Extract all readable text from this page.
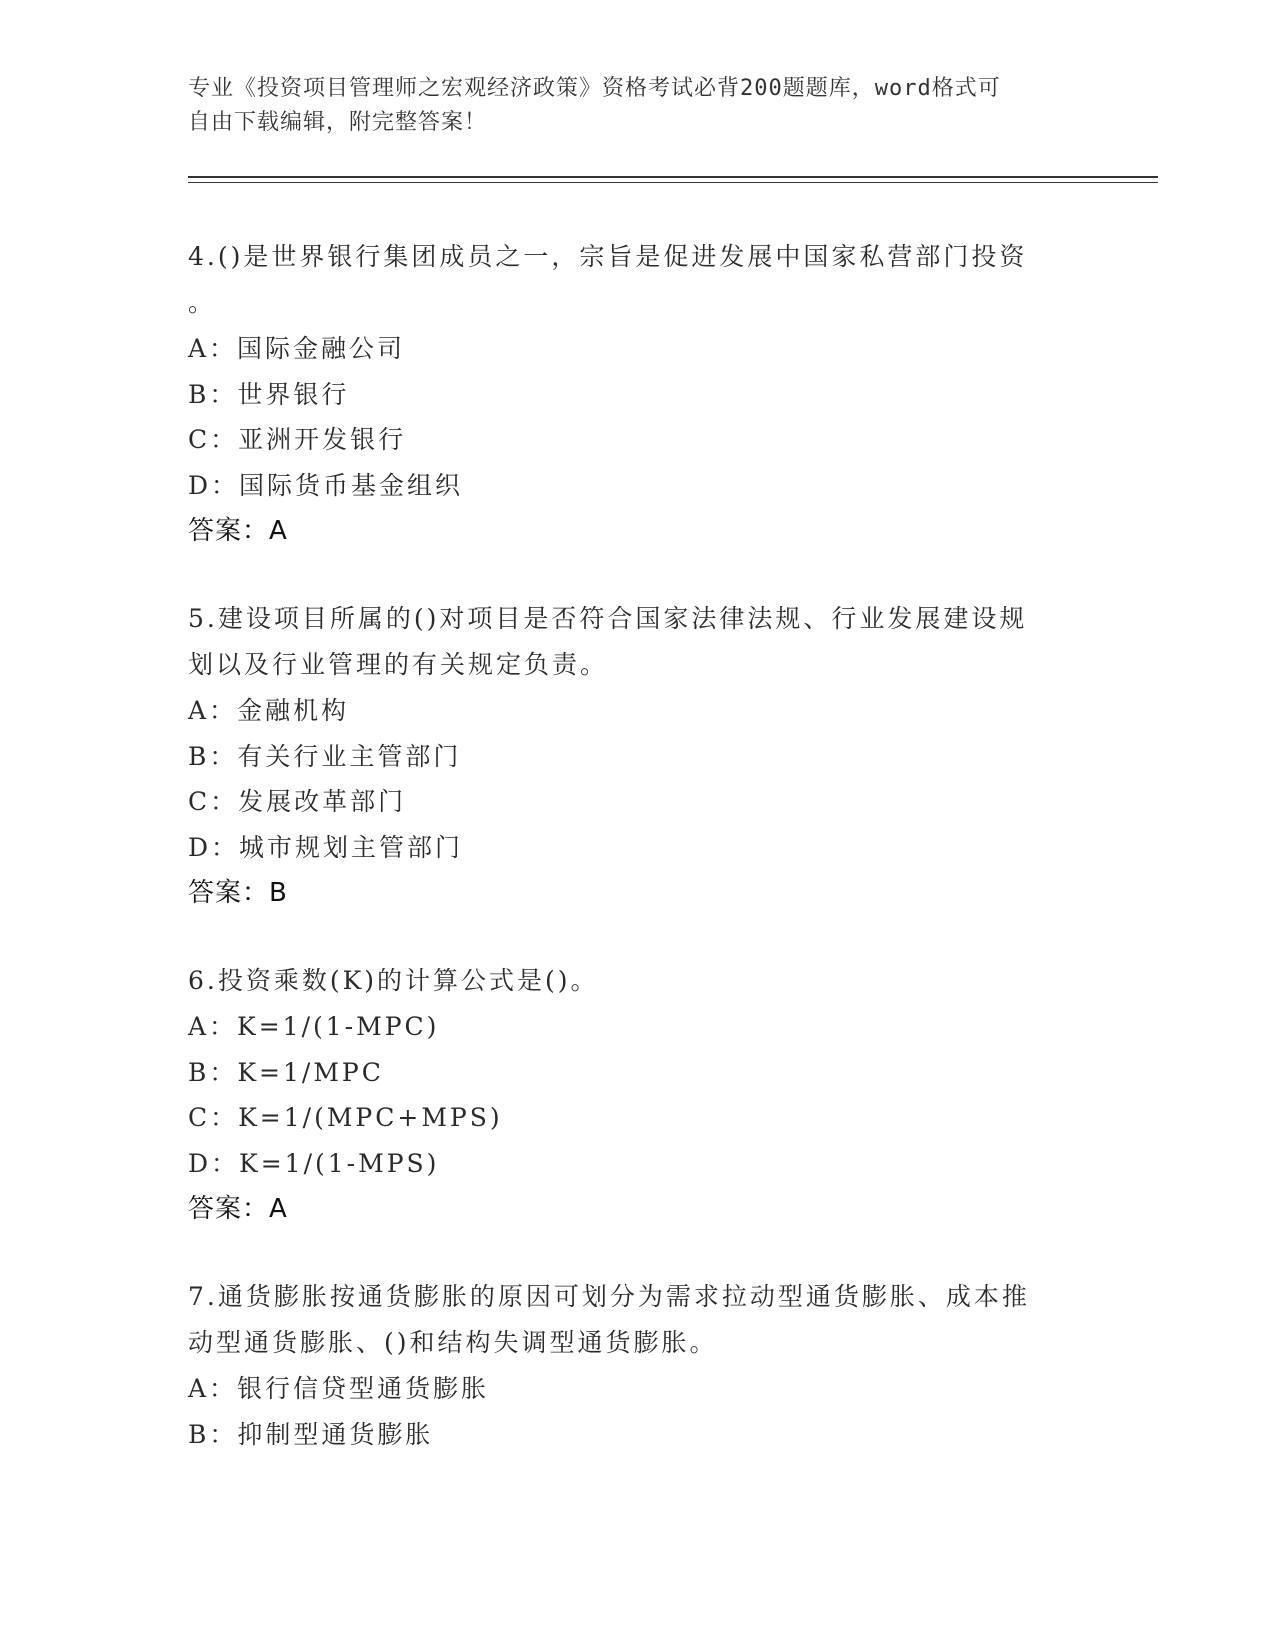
专业《投资项目管理师之宏观经济政策》资格考试必背200题题库，word格式可
自由下载编辑，附完整答案！

4.()是世界银行集团成员之一，宗旨是促进发展中国家私营部门投资

。

A：国际金融公司

B：世界银行

C：亚洲开发银行

D：国际货币基金组织

答案：A

5.建设项目所属的()对项目是否符合国家法律法规、行业发展建设规

划以及行业管理的有关规定负责。

A：金融机构

B：有关行业主管部门

C：发展改革部门

D：城市规划主管部门

答案：B

6.投资乘数(K)的计算公式是()。

A：K=1/(1-MPC)

B：K=1/MPC

C：K=1/(MPC+MPS)

D：K=1/(1-MPS)

答案：A

7.通货膨胀按通货膨胀的原因可划分为需求拉动型通货膨胀、成本推

动型通货膨胀、()和结构失调型通货膨胀。

A：银行信贷型通货膨胀

B：抑制型通货膨胀
